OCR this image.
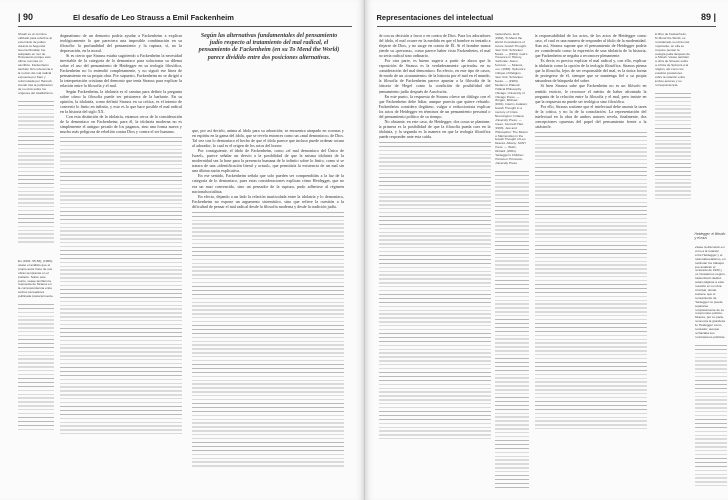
| 90	El desafío de Leo Strauss a Emil Fackenheim

Shoah es un término utilizado para referirse al exterminio de judíos durante la Segunda Guerra Mundial; fue adoptado en vez de Holocausto porque este último connota un sacrificio. Fackenheim también hizo referencia a la noción del mal radical expuesta por Kant y reformulada por Hannah Arendt tras la publicación de su obra sobre los orígenes del totalitarismo.

En (1991: 55-56); (1995); véase el análisis que el propio autor hace de sus obras tempranas en el prefacio. Sobre este punto, véase también la respuesta de Strauss en la correspondencia entre ambos pensadores publicada posteriormente.

dogmatismo de un demonio podría ayudar a Fackenheim a explicar teológicamente lo que pareciera una imposible combinación en su filosofía: la profundidad del pensamiento y la ruptura, sí, no la depravación, en la moral.

Si es cierto que Strauss estaba sugiriendo a Fackenheim la necesidad inevitable de la categoría de lo demoníaco para solucionar su dilema sobre el uso del pensamiento de Heidegger en su teología filosófica, Fackenheim no lo entendió completamente, y no siguió ese línea de pensamiento en su propia obra. Por supuesto, Fackenheim no se dirigió a la interpretación cristiana del demonio que tenía Strauss para explicar la relación entre la filosofía y el mal.

Según Fackenheim, la idolatría es el camino para definir la pregunta sobre cómo la filosofía puede ser prisionera de la barbarie. En su opinión, la idolatría, como definió Strauss en su crítica, es el intento de convertir lo finito en infinito, y esto es lo que hace posible el mal radical en la historia del siglo XX.

Con esta distinción de la idolatría, estamos cerca de la consideración de lo demoníaco en Fackenheim; para él, la idolatría moderna no es simplemente el antiguo pecado de los paganos, sino una forma nueva y mucho más peligrosa de rebelión contra Dios y contra el ser humano.

Según las alternativas fundamentales del pensamiento judío respecto al tratamiento del mal radical, el pensamiento de Fackenheim (en su To Mend the World) parece dividido entre dos posiciones alternativas.

que, por así decirlo, anima al ídolo para su adoración; se encuentra atrapado en coronas y en espíritu en la gama del ídolo, que se revela entonces como un «mal demoníaco» de Dios. Tal vez con lo demoníaco el hecho de que el ídolo parece que incluso puede ordenar actuar al adorador, lo cual es el origen de los actos del horror.

Por consiguiente, el ídolo de Fackenheim, como «el mal demoníaco del Único de Israel», parece señalar un desvío a la posibilidad de que la misma idolatría de la modernidad sea la base para la presencia humana de lo infinito sobre lo finito, como si se tratara de una «identificación literal y actual», que permitiría la existencia de un mal sin una última razón explicativa.

En ese sentido, Fackenheim señala que solo pueden ser comprendidas a la luz de la categoría de lo demoníaco, pues estas consideraciones explican cómo Heidegger, que no era un nazi convencido, sino un pensador de la ruptura, pudo adherirse al régimen nacionalsocialista.

En efecto, dejando a un lado la relación inarticulada entre la idolatría y lo demoníaco, Fackenheim no expone un argumento sistemático, sino que refiere la cuestión a la dificultad de pensar el mal radical desde la filosofía moderna y desde la tradición judía.

Representaciones del intelectual	89 |

de con su decisión a favor o en contra de Dios. Para los adoradores del ídolo, el mal ocurre en la medida en que el hombre es tentado a alejarse de Dios, y no surge en contra de Él. Si el hombre nunca pierde su «persona», como parece haber visto Fackenheim, el mal no sería radical sino ordinario.

Por otra parte, es bueno sugerir a partir de ahora que la exposición de Strauss es la verdaderamente «privada» en su consideración del mal demoníaco. En efecto, en este tipo de casos, de modo de un «tratamiento» de la historia por el mal en el mundo, la filosofía de Fackenheim parece apuntar a la filosofía de la historia de Hegel como la condición de posibilidad del pensamiento judío después de Auschwitz.

En este punto, la respuesta de Strauss ofrece un diálogo con el que Fackenheim debe lidiar, aunque parecía que quiere rehuirlo. Fackenheim considera ilegítimo, vulgar o reduccionista explicar los actos de Heidegger en términos de un pensamiento personal o del pensamiento político de su tiempo.

No obstante, en este caso, de Heidegger, dos cosas se plantean: la primera es la posibilidad de que la filosofía pueda caer en la idolatría, y la segunda es la manera en que la teología filosófica puede responder ante esta caída.

Fackenheim, Emil. (1982). To Mend the World: Foundations of Future Jewish Thought. New York: Schocken Books. — (1994). God's Presence in History. Northvale: Jason Aronson. — Strauss, Leo. (1965). Spinoza's Critique of Religion. New York: Schocken Books. — (1983). Studies in Platonic Political Philosophy. Chicago: University of Chicago Press. — Morgan, Michael. (2001). Interim Judaism: Jewish Thought in a Century of Crisis. Bloomington: Indiana University Press. — Green, Kenneth Hart. (1993). Jew and Philosopher: The Return to Maimonides in the Jewish Thought of Leo Strauss. Albany: SUNY Press. — Wolin, Richard. (2001). Heidegger's Children. Princeton: Princeton University Press.

la responsabilidad de los actos, de los actos de Heidegger como caso, el cual es una manera de responder al ídolo de la modernidad. Aun así, Strauss supone que el pensamiento de Heidegger podría ser considerado como la expresión de una idolatría de la historia, que Fackenheim se negaba a reconocer plenamente.

Es decir, es preciso explicar el mal radical y, con ello, explicar la idolatría como la opción de la teología filosófica. Strauss piensa que la filosofía, lejos de ser responsable del mal, es la única forma de protegerse de él, siempre que se mantenga fiel a su propia naturaleza de búsqueda del saber.

Si bien Strauss sabe que Fackenheim no es un filósofo en sentido estricto, le reconoce el mérito de haber afrontado la pregunta de la relación entre la filosofía y el mal, pero insiste en que la respuesta no puede ser teológica sino filosófica.

Por ello, Strauss sostiene que el intelectual debe asumir la tarea de la crítica, y no la de la consolación. La representación del intelectual en la obra de ambos autores revela, finalmente, dos concepciones opuestas del papel del pensamiento frente a la catástrofe.

El libro de Fackenheim, To Mend the World, es considerado su obra más importante; en ella se propone pensar la teología judía después de la Shoah. Véase también la obra de Strauss sobre la crítica de Spinoza a la religión, así como los estudios posteriores sobre la relación entre ambos autores y su correspondencia.

Heidegger, el filósofo y el nazi.

Véase la discusión en torno a la relación entre Heidegger y el nacionalsocialismo, en particular los trabajos que analizan el rectorado de 1933 y los Cuadernos negros. Fackenheim dedicó varias páginas a esta cuestión en su obra principal, donde sostiene que el pensamiento de Heidegger no puede separarse completamente de su compromiso político. Strauss, por su parte, reconocía la grandeza de Heidegger como pensador, aunque rechazaba sus conclusiones políticas.
